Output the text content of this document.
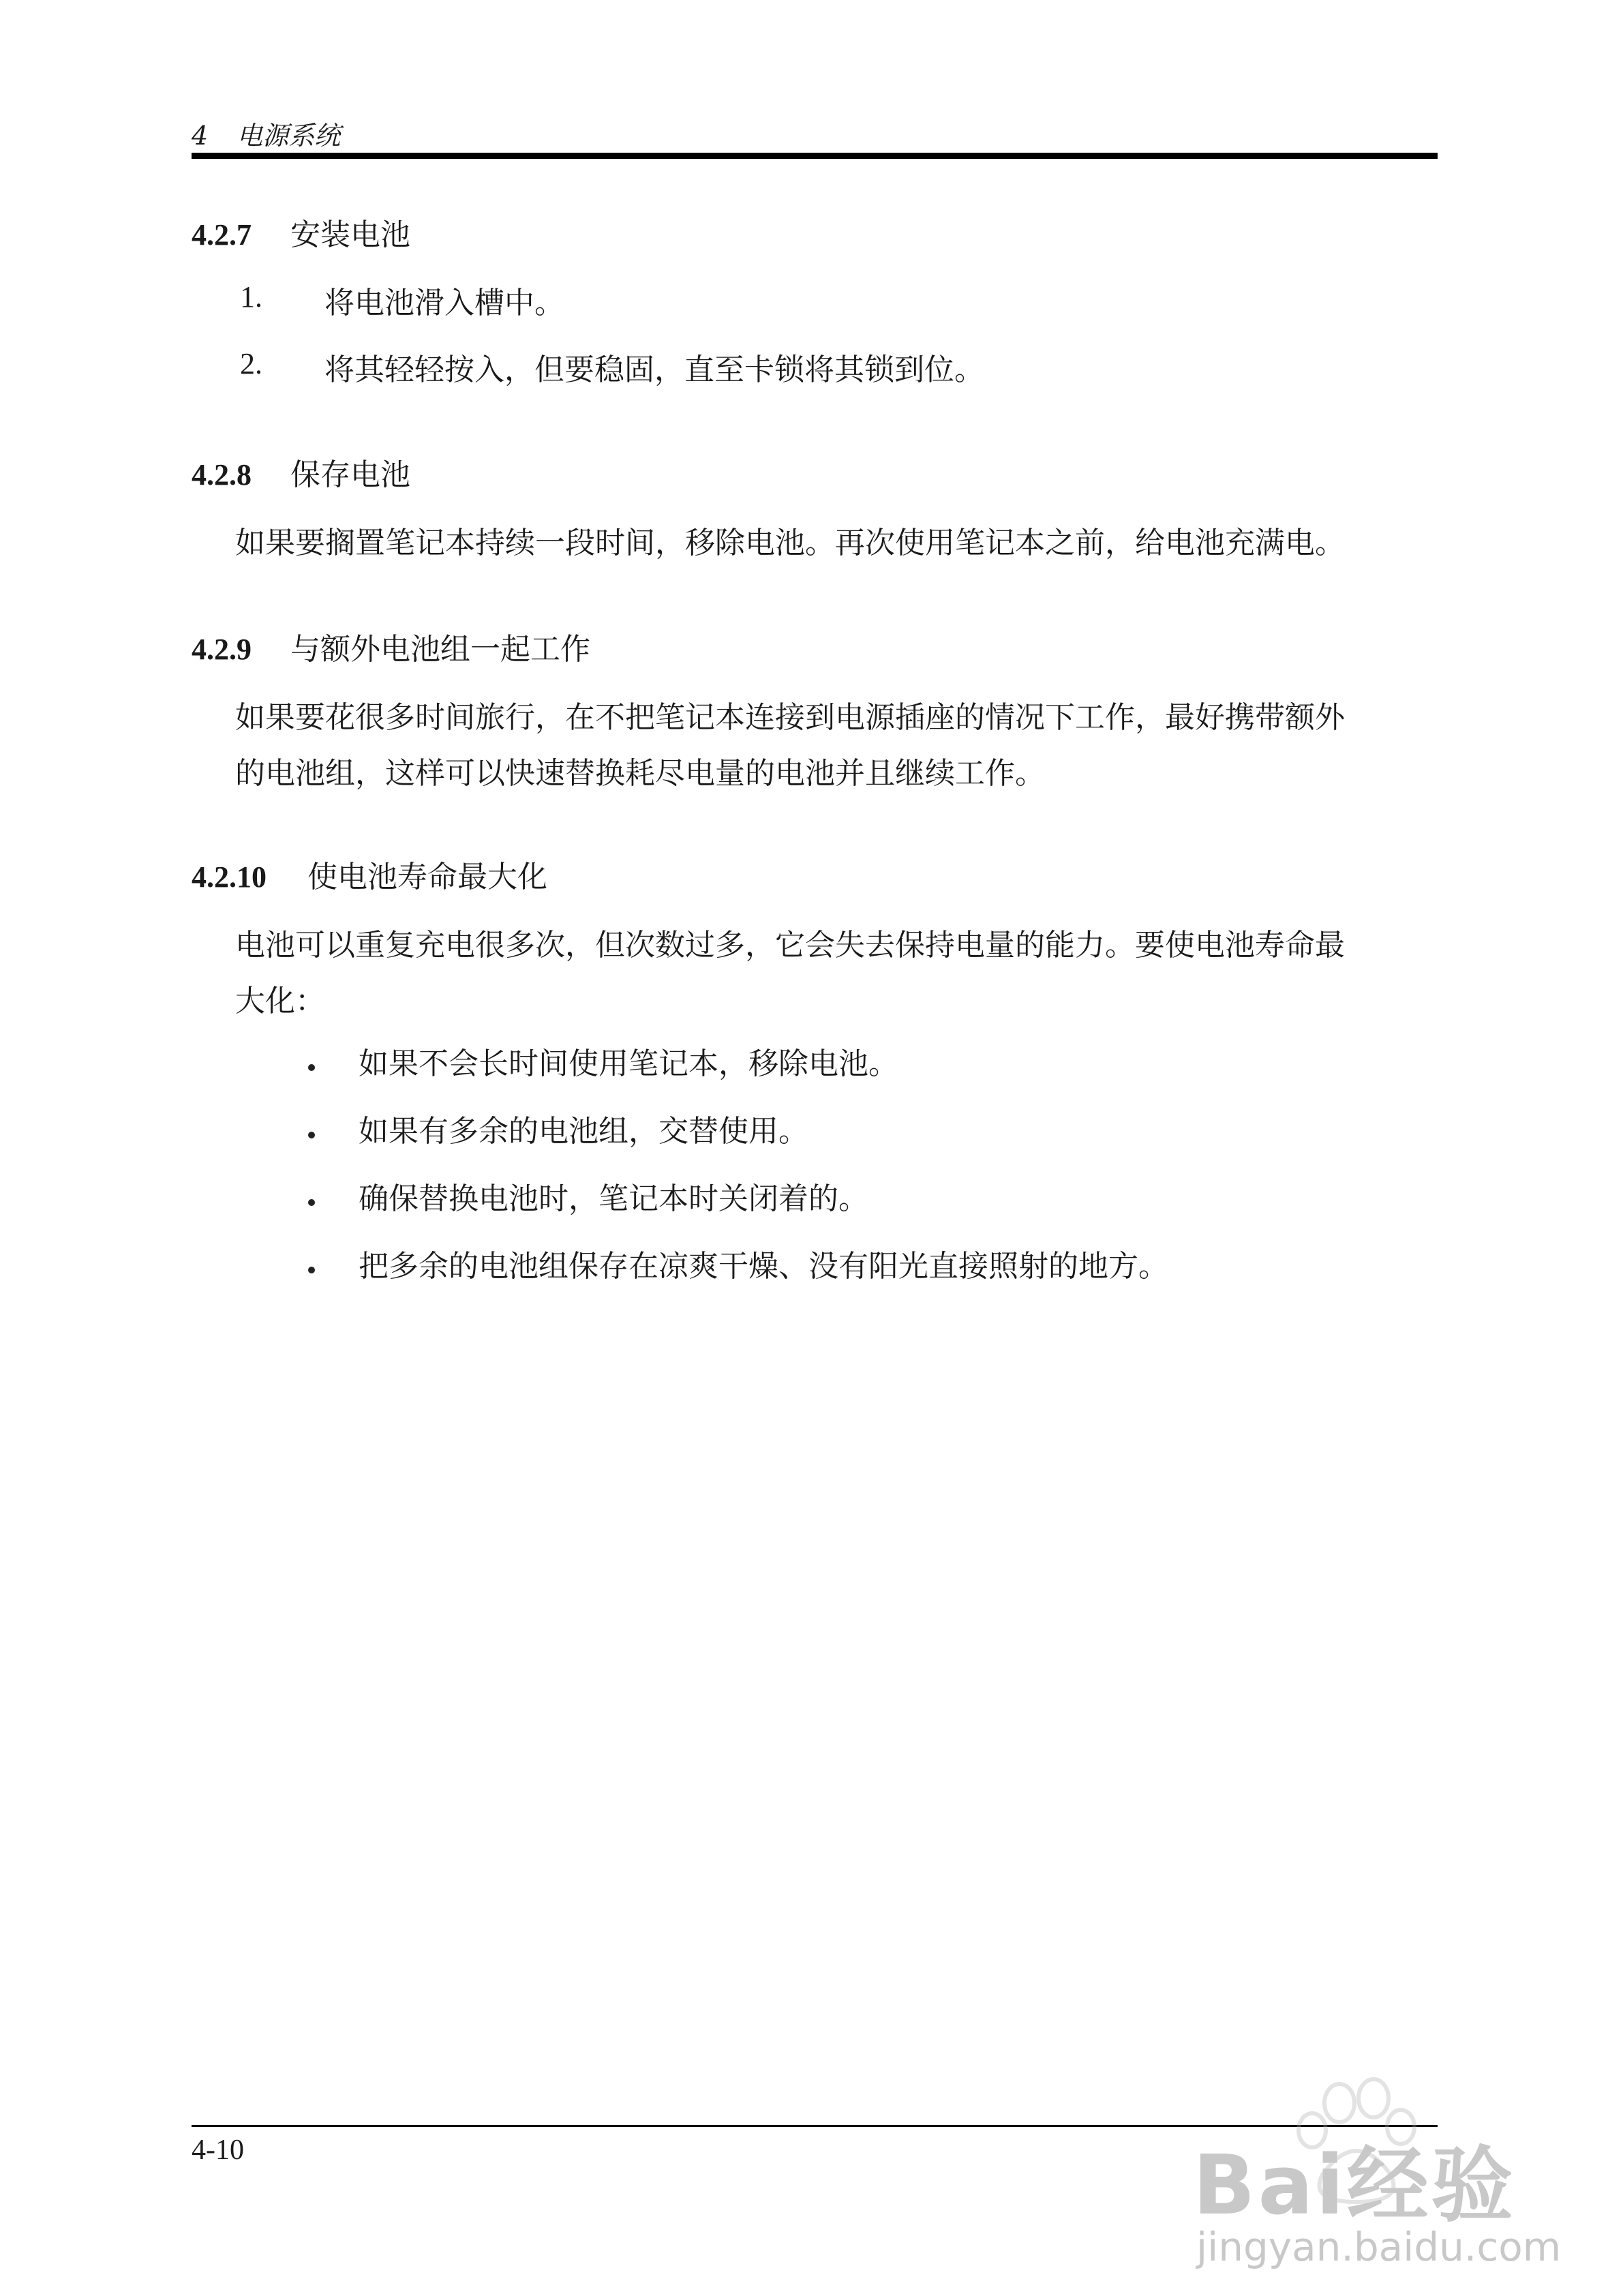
4 电源系统
4.2.7 安装电池
1. 将电池滑入槽中。
2. 将其轻轻按入，但要稳固，直至卡锁将其锁到位。
4.2.8 保存电池
如果要搁置笔记本持续一段时间，移除电池。再次使用笔记本之前，给电池充满电。
4.2.9 与额外电池组一起工作
如果要花很多时间旅行，在不把笔记本连接到电源插座的情况下工作，最好携带额外
的电池组，这样可以快速替换耗尽电量的电池并且继续工作。
4.2.10 使电池寿命最大化
电池可以重复充电很多次，但次数过多，它会失去保持电量的能力。要使电池寿命最
大化：
如果不会长时间使用笔记本，移除电池。
如果有多余的电池组，交替使用。
确保替换电池时，笔记本时关闭着的。
把多余的电池组保存在凉爽干燥、没有阳光直接照射的地方。
4-10	Bai经验
jingyan.baidu.com
